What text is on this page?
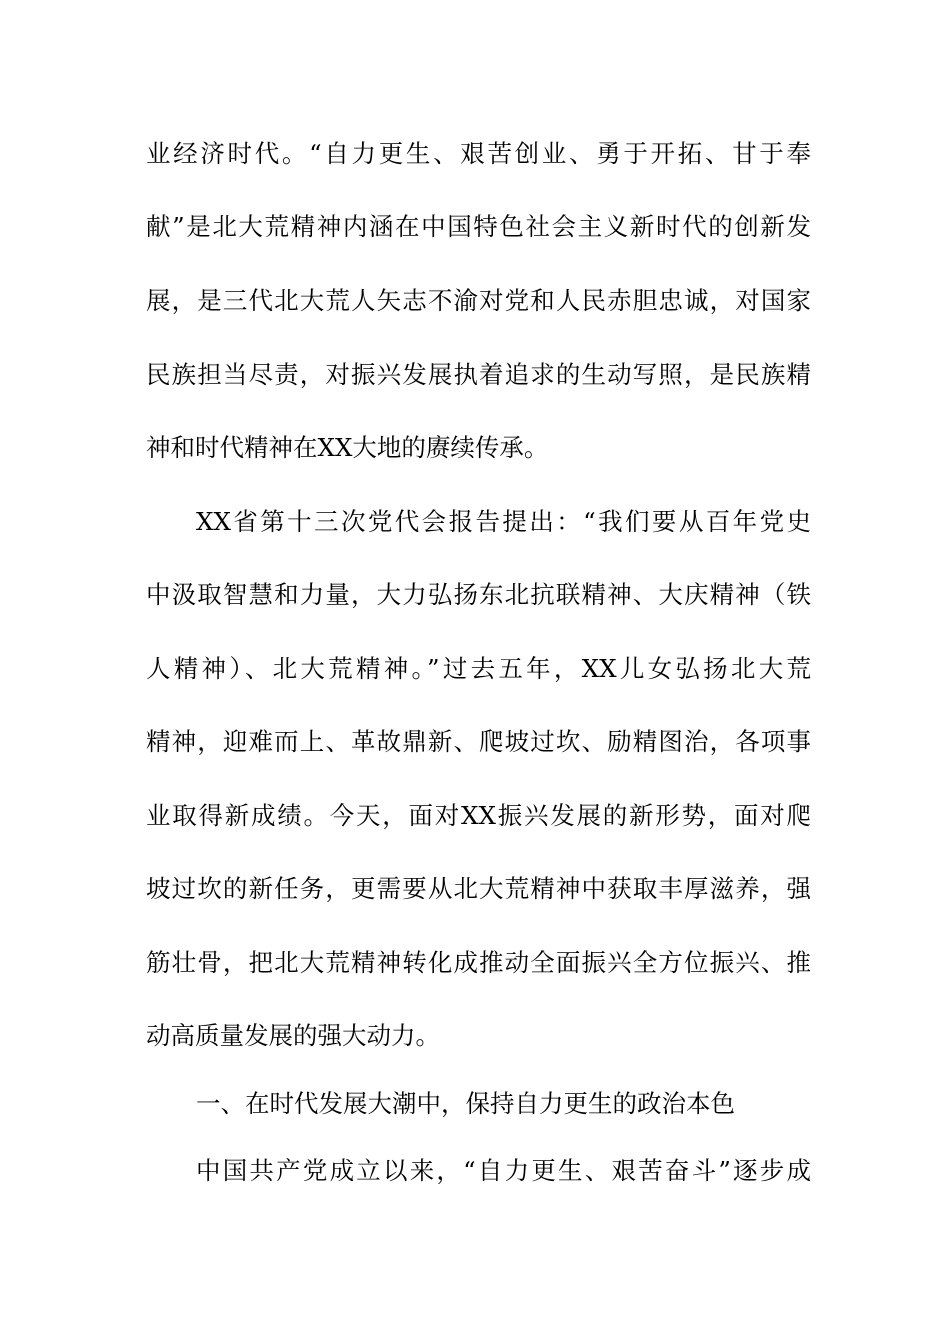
业经济时代。“自力更生、艰苦创业、勇于开拓、甘于奉
献”是北大荒精神内涵在中国特色社会主义新时代的创新发
展，是三代北大荒人矢志不渝对党和人民赤胆忠诚，对国家
民族担当尽责，对振兴发展执着追求的生动写照，是民族精
神和时代精神在XX大地的赓续传承。
XX省第十三次党代会报告提出：“我们要从百年党史
中汲取智慧和力量，大力弘扬东北抗联精神、大庆精神（铁
人精神）、北大荒精神。”过去五年，XX儿女弘扬北大荒
精神，迎难而上、革故鼎新、爬坡过坎、励精图治，各项事
业取得新成绩。今天，面对XX振兴发展的新形势，面对爬
坡过坎的新任务，更需要从北大荒精神中获取丰厚滋养，强
筋壮骨，把北大荒精神转化成推动全面振兴全方位振兴、推
动高质量发展的强大动力。
一、在时代发展大潮中，保持自力更生的政治本色
中国共产党成立以来，“自力更生、艰苦奋斗”逐步成
